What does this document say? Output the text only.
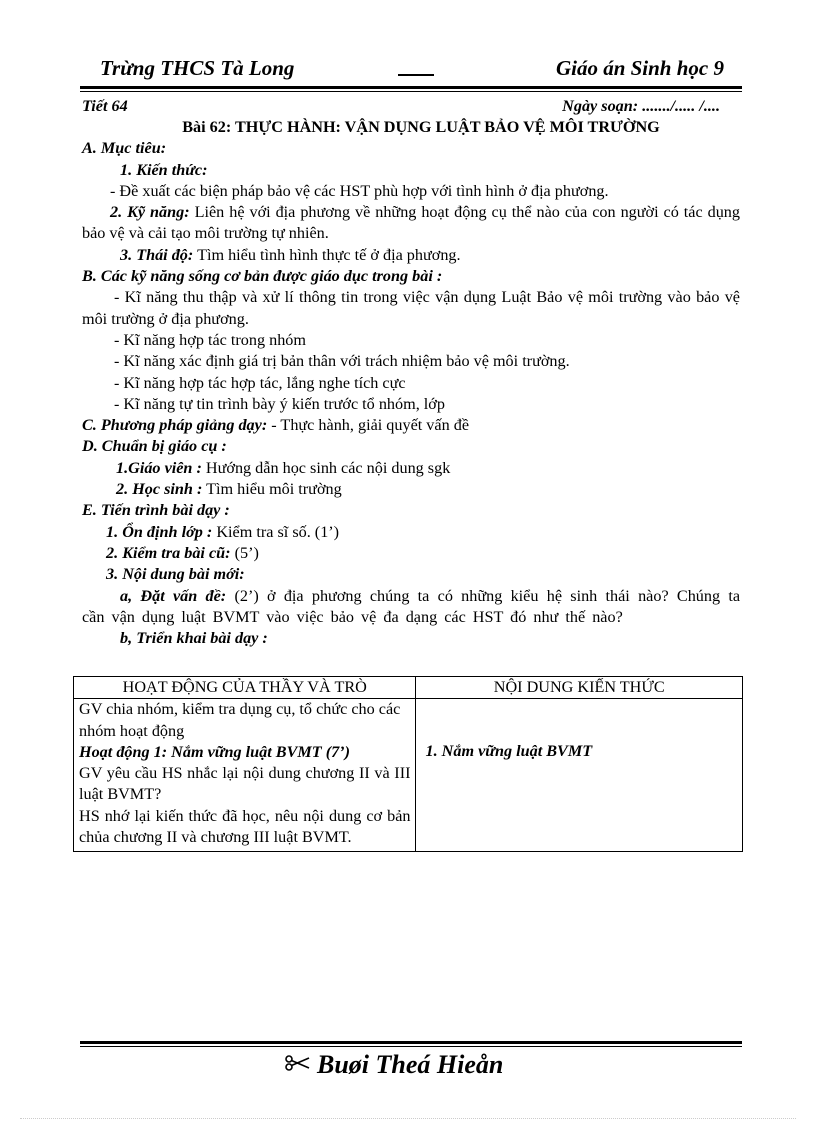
Trừng THCS Tà Long	Giáo án Sinh học 9
Tiết 64	Ngày soạn: ......./..... /....
Bài 62: THỰC HÀNH: VẬN DỤNG LUẬT BẢO VỆ MÔI TRƯỜNG
A. Mục tiêu:
1. Kiến thức:
- Đề xuất các biện pháp bảo vệ các HST phù hợp với tình hình ở địa phương.
2. Kỹ năng: Liên hệ với địa phương về những hoạt động cụ thể nào của con người có tác dụng bảo vệ và cải tạo môi trường tự nhiên.
3. Thái độ: Tìm hiểu tình hình thực tế ở địa phương.
B. Các kỹ năng sống cơ bản được giáo dục trong bài :
- Kĩ năng thu thập và xử lí thông tin trong việc vận dụng Luật Bảo vệ môi trường vào bảo vệ môi trường ở địa phương.
- Kĩ năng hợp tác trong nhóm
- Kĩ năng xác định giá trị bản thân với trách nhiệm bảo vệ môi trường.
- Kĩ năng hợp tác hợp tác, lắng nghe tích cực
- Kĩ năng tự tin trình bày ý kiến trước tổ nhóm, lớp
C. Phương pháp giảng dạy: - Thực hành, giải quyết vấn đề
D. Chuẩn bị giáo cụ :
1.Giáo viên : Hướng dẫn học sinh các nội dung sgk
2. Học sinh : Tìm hiểu môi trường
E. Tiến trình bài dạy :
1. Ổn định lớp : Kiểm tra sĩ số. (1’)
2. Kiểm tra bài cũ: (5’)
3. Nội dung bài mới:
a, Đặt vấn đề: (2’) ở địa phương chúng ta có những kiểu hệ sinh thái nào? Chúng ta cần vận dụng luật BVMT vào việc bảo vệ đa dạng các HST đó như thế nào?
b, Triển khai bài dạy :
HOẠT ĐỘNG CỦA THẦY VÀ TRÒ	NỘI DUNG KIẾN THỨC

GV chia nhóm, kiểm tra dụng cụ, tổ chức cho các nhóm hoạt động
Hoạt động 1: Nắm vững luật BVMT (7’)
GV yêu cầu HS nhắc lại nội dung chương II và III luật BVMT?
HS nhớ lại kiến thức đã học, nêu nội dung cơ bản chủa chương II và chương III luật BVMT.	1. Nắm vững luật BVMT
Buøi Theá Hieån
